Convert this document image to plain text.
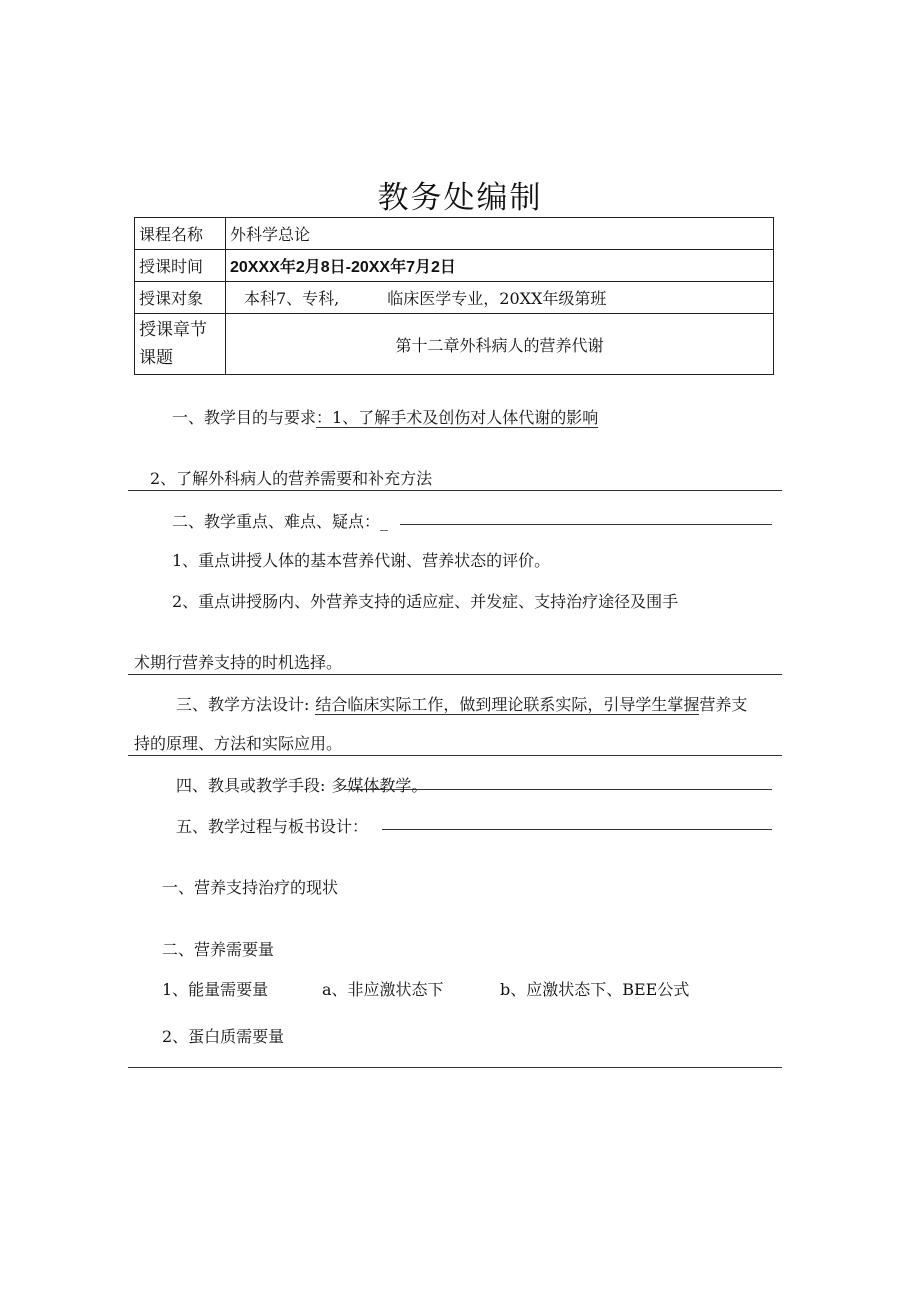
教务处编制
课程名称	外科学总论
授课时间	20XXX年2月8日-20XX年7月2日
授课对象	本科7、专科, 临床医学专业，20XX年级第班
授课章节课题	第十二章外科病人的营养代谢
一、教学目的与要求：1、了解手术及创伤对人体代谢的影响
2、了解外科病人的营养需要和补充方法
二、教学重点、难点、疑点：_
1、重点讲授人体的基本营养代谢、营养状态的评价。
2、重点讲授肠内、外营养支持的适应症、并发症、支持治疗途径及围手
术期行营养支持的时机选择。
三、教学方法设计: 结合临床实际工作，做到理论联系实际，引导学生掌握营养支
持的原理、方法和实际应用。
四、教具或教学手段: 多媒体教学。
五、教学过程与板书设计：
一、营养支持治疗的现状
二、营养需要量
1、能量需要量	a、非应激状态下	b、应激状态下、BEE公式
2、蛋白质需要量
